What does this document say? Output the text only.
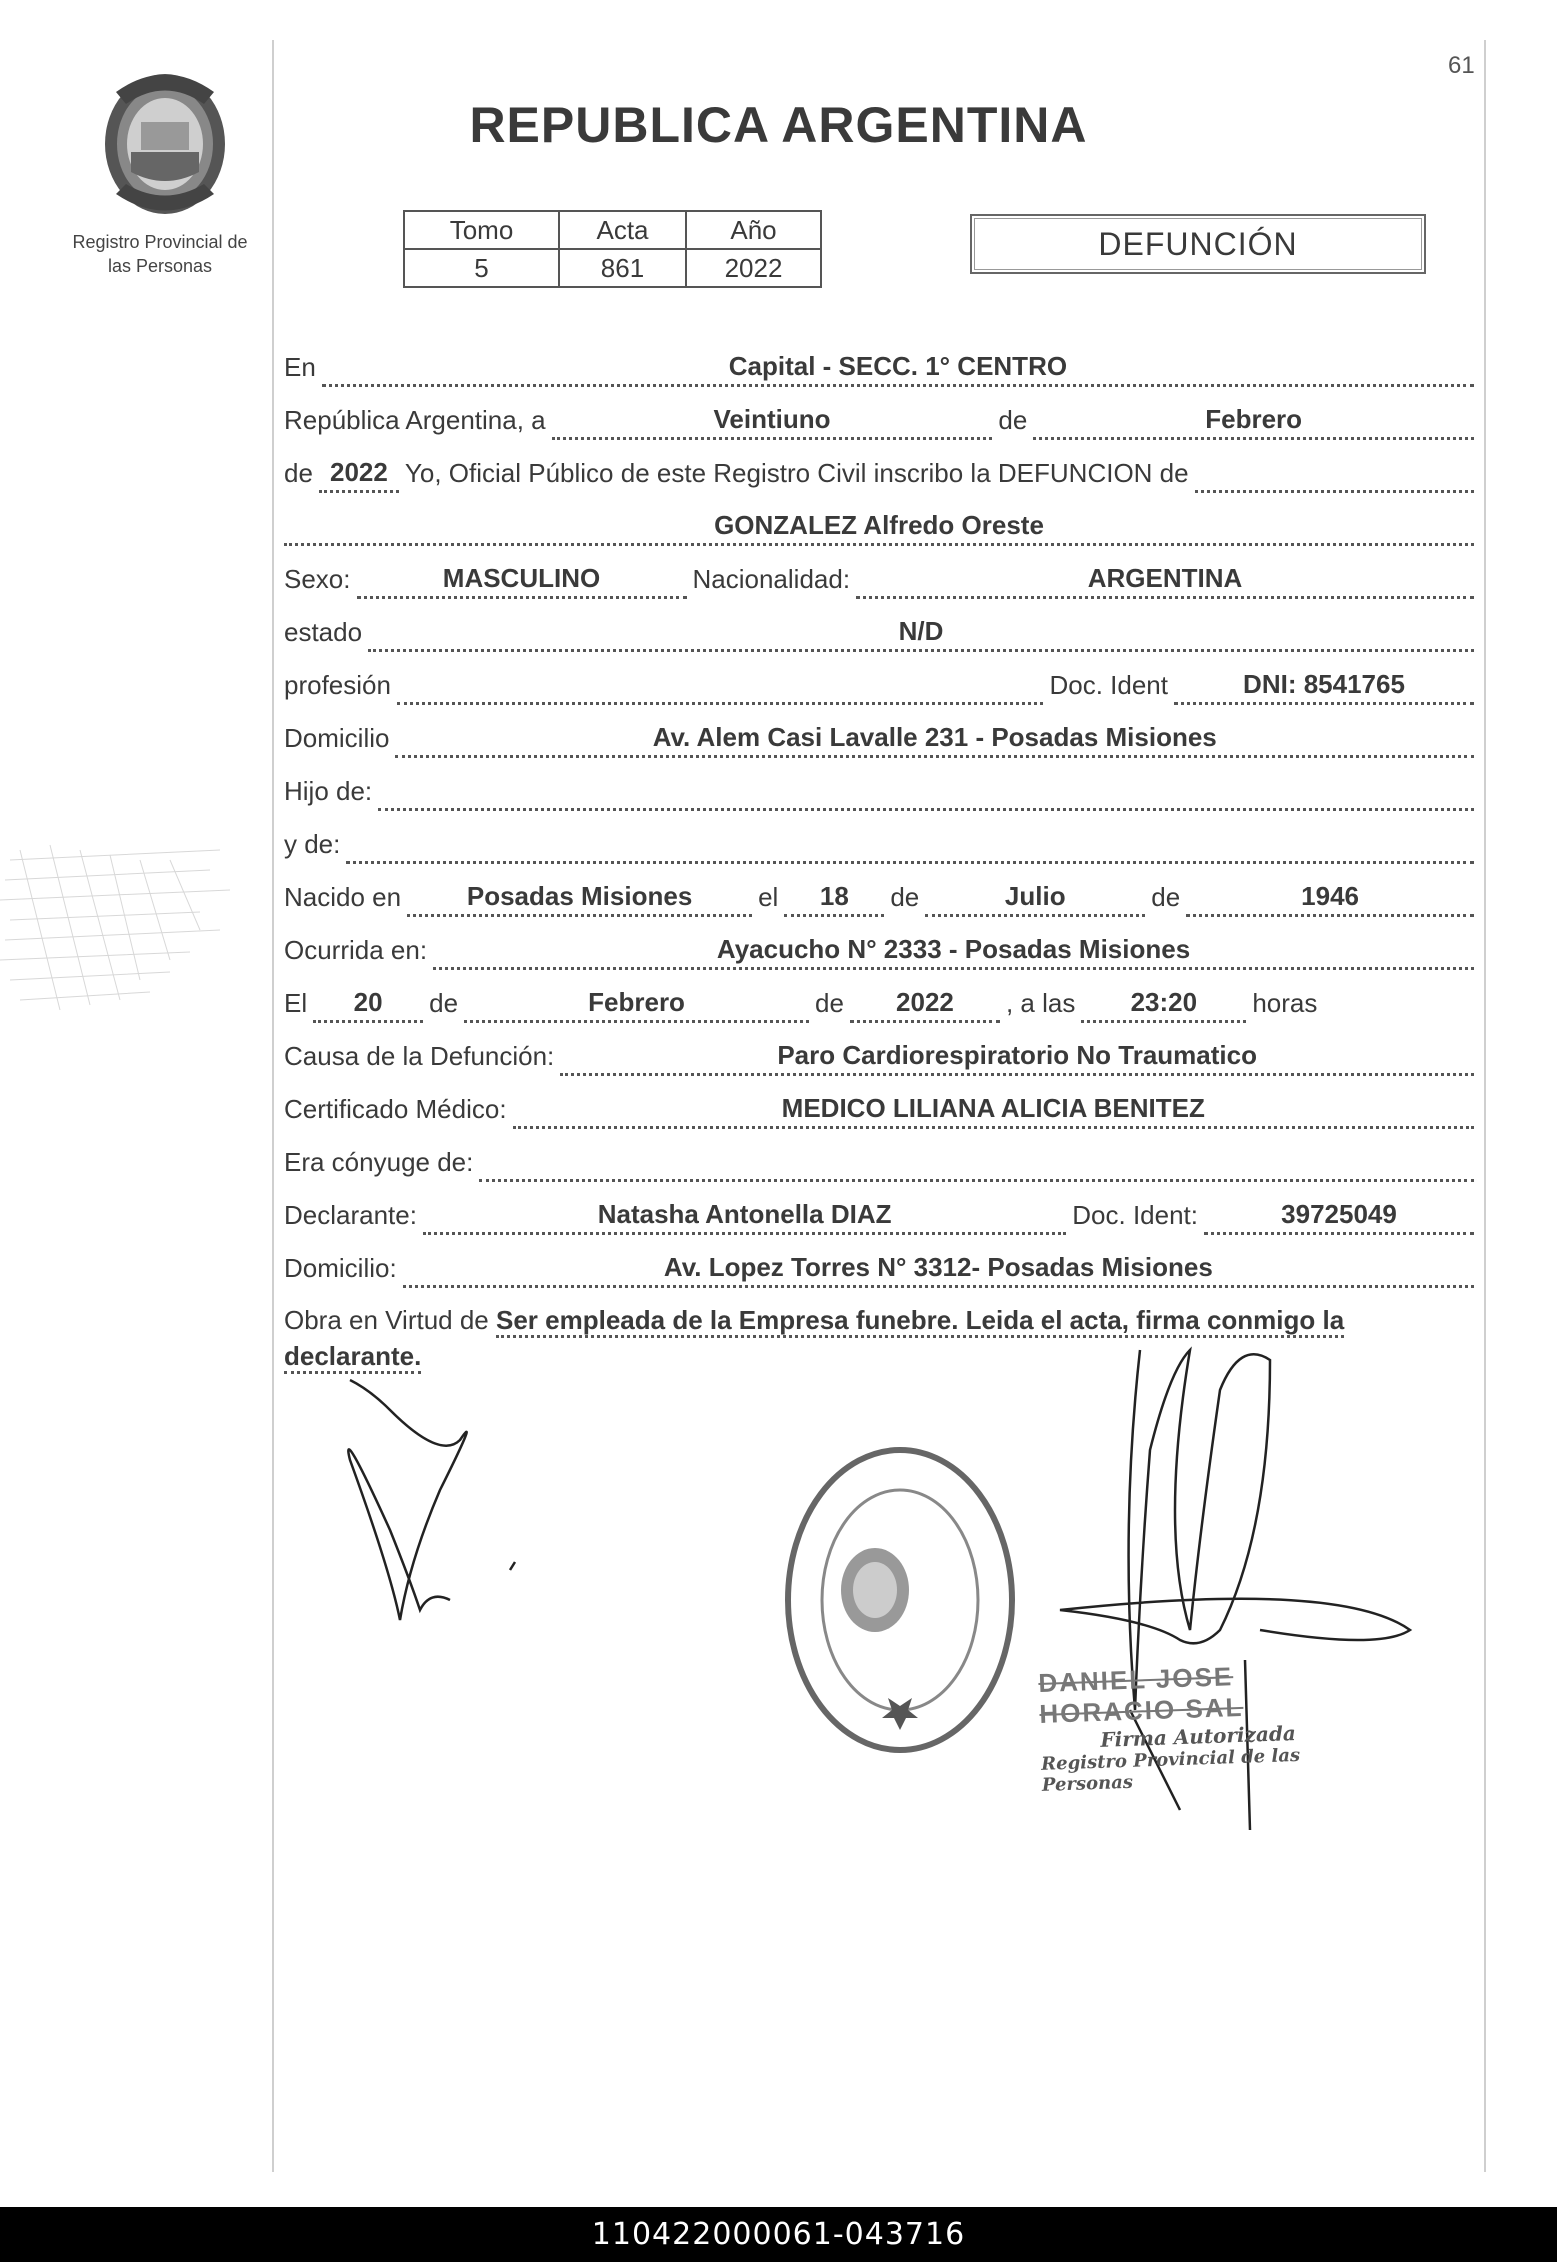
61
Registro Provincial de
las Personas
REPUBLICA ARGENTINA
Tomo	Acta	Año
5	861	2022
DEFUNCIÓN
En	Capital - SECC. 1° CENTRO
República Argentina, a	Veintiuno	de	Febrero
de 2022 Yo, Oficial Público de este Registro Civil inscribo la DEFUNCION de
GONZALEZ Alfredo Oreste
Sexo:	MASCULINO	Nacionalidad:	ARGENTINA
estado	N/D
profesión	Doc. Ident	DNI: 8541765
Domicilio	Av. Alem Casi Lavalle 231 - Posadas Misiones
Hijo de:
y de:
Nacido en	Posadas Misiones	el	18	de	Julio	de	1946
Ocurrida en:	Ayacucho N° 2333 - Posadas Misiones
El	20	de	Febrero	de	2022	, a las	23:20	horas
Causa de la Defunción:	Paro Cardiorespiratorio No Traumatico
Certificado Médico:	MEDICO LILIANA ALICIA BENITEZ
Era cónyuge de:
Declarante:	Natasha Antonella DIAZ	Doc. Ident:	39725049
Domicilio:	Av. Lopez Torres N° 3312- Posadas Misiones
Obra en Virtud de Ser empleada de la Empresa funebre. Leida el acta, firma conmigo la declarante.
DANIEL JOSE HORACIO SAL
Firma Autorizada
Registro Provincial de las Personas
110422000061-043716
